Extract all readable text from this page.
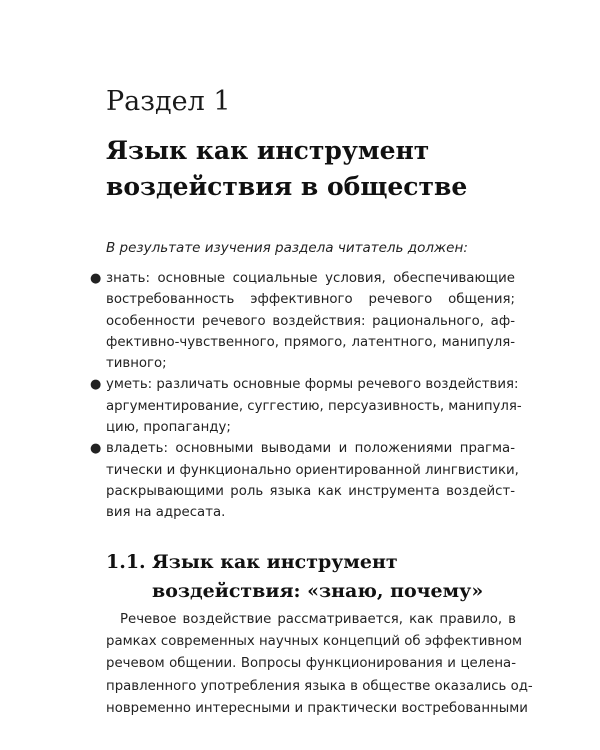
Раздел 1
Язык как инструмент
воздействия в обществе

В результате изучения раздела читатель должен:

● знать: основные социальные условия, обеспечивающие
востребованность эффективного речевого общения;
особенности речевого воздействия: рационального, аф-
фективно-чувственного, прямого, латентного, манипуля-
тивного;
● уметь: различать основные формы речевого воздействия:
аргументирование, суггестию, персуазивность, манипуля-
цию, пропаганду;
● владеть: основными выводами и положениями прагма-
тически и функционально ориентированной лингвистики,
раскрывающими роль языка как инструмента воздейст-
вия на адресата.
1.1. Язык как инструмент
воздействия: «знаю, почему»
Речевое воздействие рассматривается, как правило, в
рамках современных научных концепций об эффективном
речевом общении. Вопросы функционирования и целена-
правленного употребления языка в обществе оказались од-
новременно интересными и практически востребованными
